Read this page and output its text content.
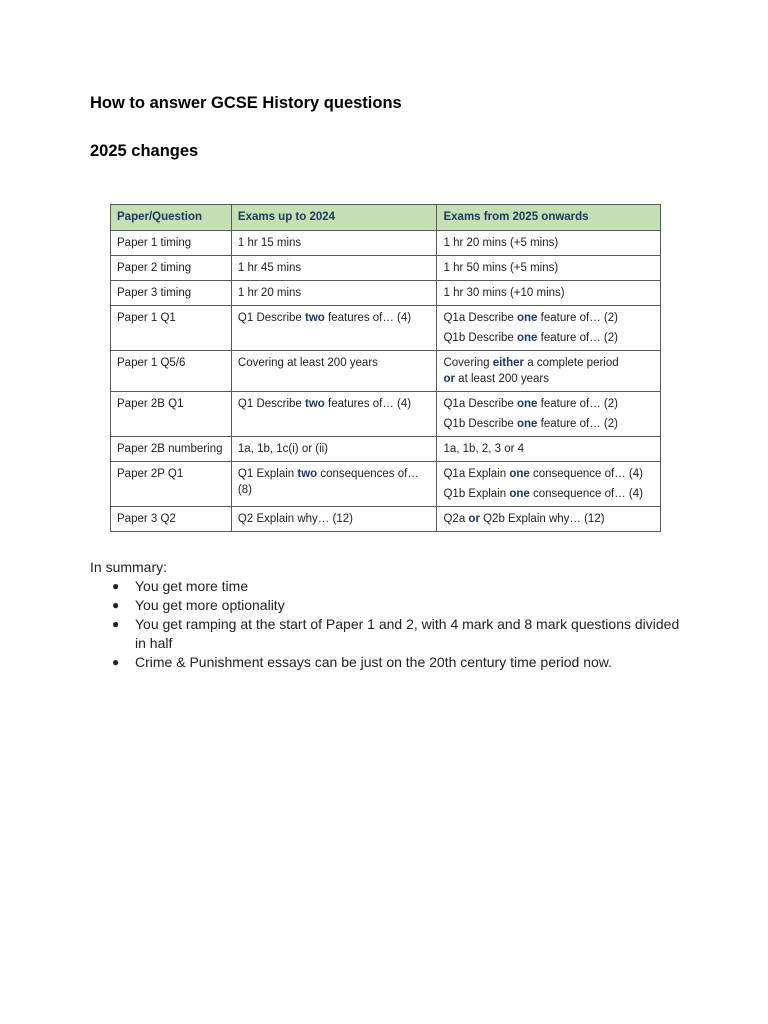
How to answer GCSE History questions
2025 changes
Paper/Question	Exams up to 2024	Exams from 2025 onwards
Paper 1 timing	1 hr 15 mins	1 hr 20 mins (+5 mins)

Paper 2 timing	1 hr 45 mins	1 hr 50 mins (+5 mins)

Paper 3 timing	1 hr 20 mins	1 hr 30 mins (+10 mins)

Paper 1 Q1	Q1 Describe two features of… (4)	Q1a Describe one feature of… (2)
Q1b Describe one feature of… (2)

Paper 1 Q5/6	Covering at least 200 years	Covering either a complete period
or at least 200 years

Paper 2B Q1	Q1 Describe two features of… (4)	Q1a Describe one feature of… (2)
Q1b Describe one feature of… (2)

Paper 2B numbering	1a, 1b, 1c(i) or (ii)	1a, 1b, 2, 3 or 4

Paper 2P Q1	Q1 Explain two consequences of… (8)	Q1a Explain one consequence of… (4)
Q1b Explain one consequence of… (4)

Paper 3 Q2	Q2 Explain why… (12)	Q2a or Q2b Explain why… (12)
In summary:
● You get more time
● You get more optionality
● You get ramping at the start of Paper 1 and 2, with 4 mark and 8 mark questions divided in half
● Crime & Punishment essays can be just on the 20th century time period now.
